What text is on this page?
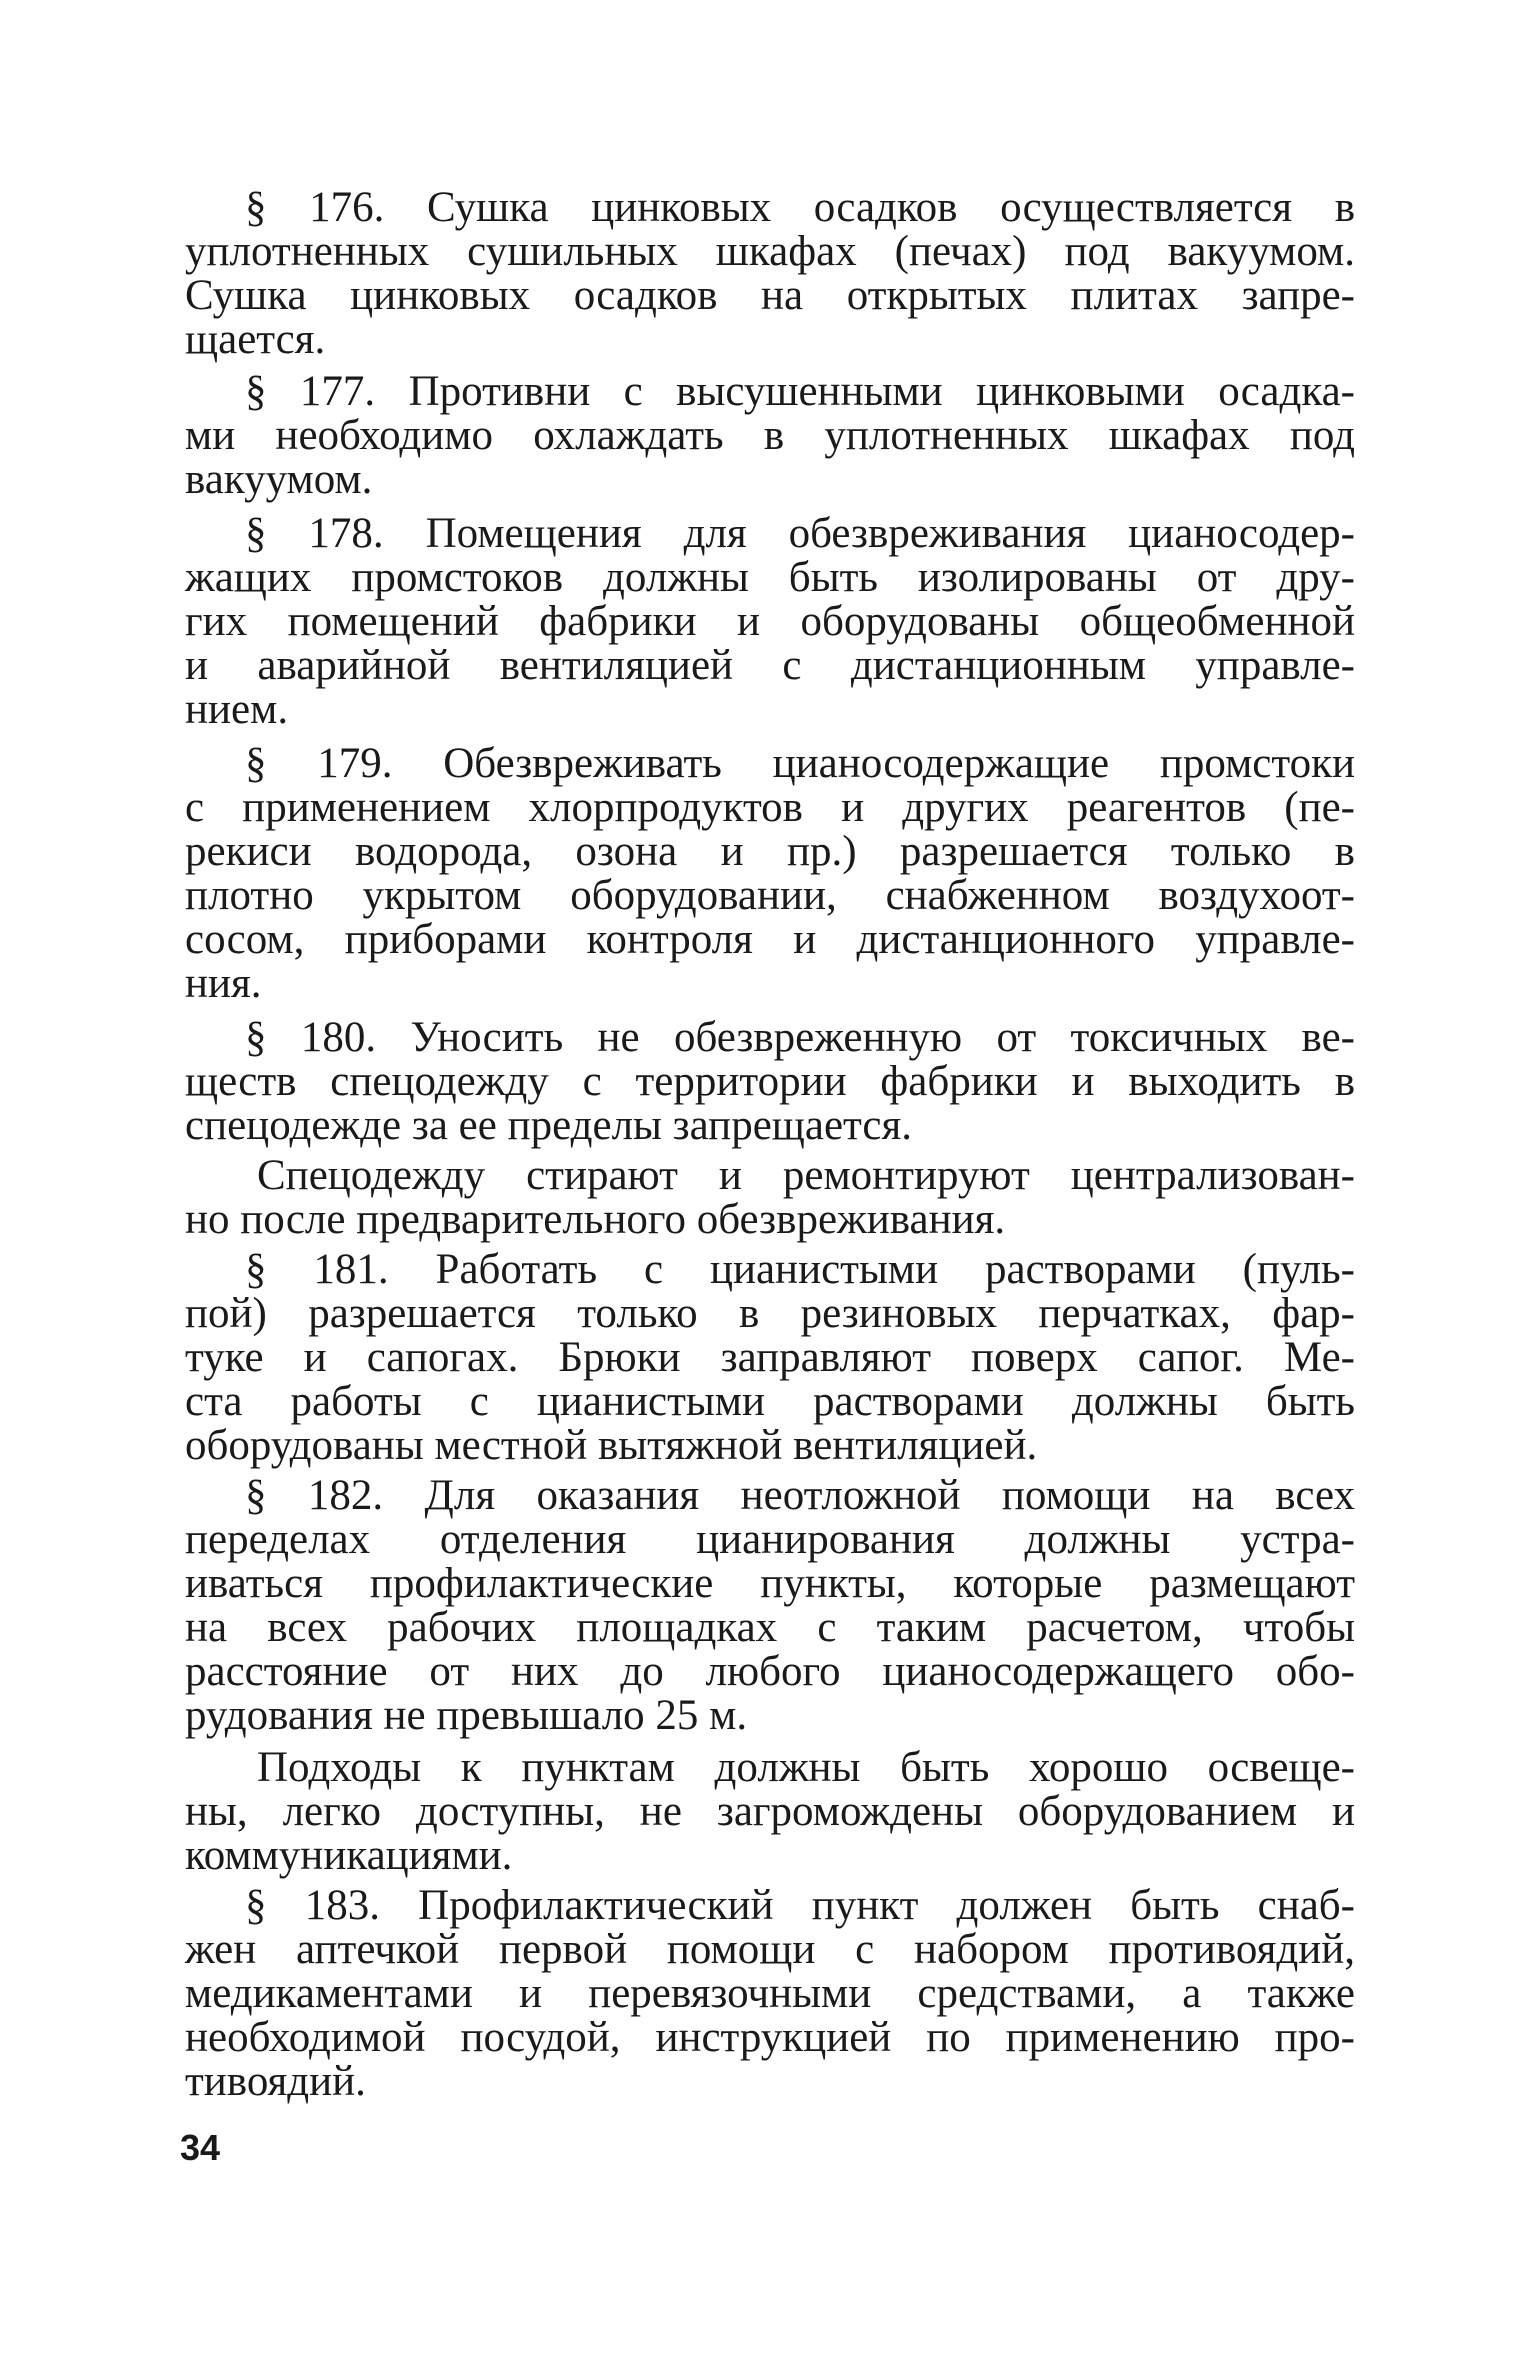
§ 176. Сушка цинковых осадков осуществляется в
уплотненных сушильных шкафах (печах) под вакуумом.
Сушка цинковых осадков на открытых плитах запре-
щается.
§ 177. Противни с высушенными цинковыми осадка-
ми необходимо охлаждать в уплотненных шкафах под
вакуумом.
§ 178. Помещения для обезвреживания цианосодер-
жащих промстоков должны быть изолированы от дру-
гих помещений фабрики и оборудованы общеобменной
и аварийной вентиляцией с дистанционным управле-
нием.
§ 179. Обезвреживать цианосодержащие промстоки
с применением хлорпродуктов и других реагентов (пе-
рекиси водорода, озона и пр.) разрешается только в
плотно укрытом оборудовании, снабженном воздухоот-
сосом, приборами контроля и дистанционного управле-
ния.
§ 180. Уносить не обезвреженную от токсичных ве-
ществ спецодежду с территории фабрики и выходить в
спецодежде за ее пределы запрещается.
Спецодежду стирают и ремонтируют централизован-
но после предварительного обезвреживания.
§ 181. Работать с цианистыми растворами (пуль-
пой) разрешается только в резиновых перчатках, фар-
туке и сапогах. Брюки заправляют поверх сапог. Ме-
ста работы с цианистыми растворами должны быть
оборудованы местной вытяжной вентиляцией.
§ 182. Для оказания неотложной помощи на всех
переделах отделения цианирования должны устра-
иваться профилактические пункты, которые размещают
на всех рабочих площадках с таким расчетом, чтобы
расстояние от них до любого цианосодержащего обо-
рудования не превышало 25 м.
Подходы к пунктам должны быть хорошо освеще-
ны, легко доступны, не загромождены оборудованием и
коммуникациями.
§ 183. Профилактический пункт должен быть снаб-
жен аптечкой первой помощи с набором противоядий,
медикаментами и перевязочными средствами, а также
необходимой посудой, инструкцией по применению про-
тивоядий.
34
